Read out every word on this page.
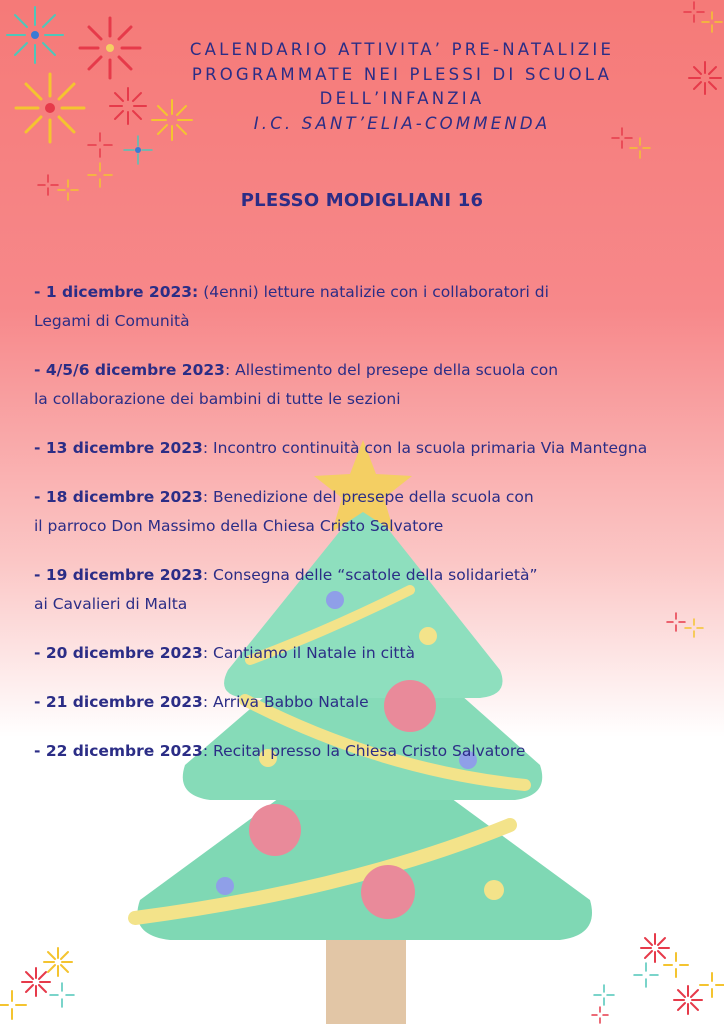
CALENDARIO ATTIVITA’ PRE-NATALIZIE
PROGRAMMATE NEI PLESSI DI SCUOLA
DELL’INFANZIA
I.C. SANT’ELIA-COMMENDA
PLESSO MODIGLIANI 16
- 1 dicembre 2023: (4enni) letture natalizie con i collaboratori di
Legami di Comunità
- 4/5/6 dicembre 2023: Allestimento del presepe della scuola con
la collaborazione dei bambini di tutte le sezioni
- 13 dicembre 2023: Incontro continuità con la scuola primaria Via Mantegna
- 18 dicembre 2023: Benedizione del presepe della scuola con
il parroco Don Massimo della Chiesa Cristo Salvatore
- 19 dicembre 2023: Consegna delle “scatole della solidarietà”
ai Cavalieri di Malta
- 20 dicembre 2023: Cantiamo il Natale in città
- 21 dicembre 2023: Arriva Babbo Natale
- 22 dicembre 2023: Recital presso la Chiesa Cristo Salvatore
